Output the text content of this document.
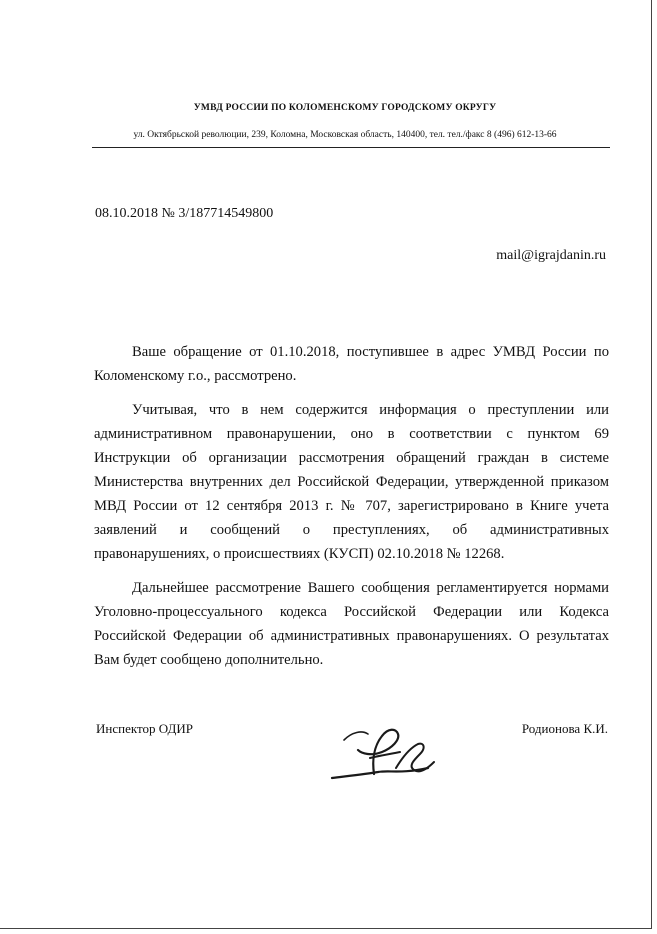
УМВД РОССИИ ПО КОЛОМЕНСКОМУ ГОРОДСКОМУ ОКРУГУ
ул. Октябрьской революции, 239, Коломна, Московская область, 140400, тел. тел./факс 8 (496) 612-13-66
08.10.2018 № 3/187714549800
mail@igrajdanin.ru

Ваше обращение от 01.10.2018, поступившее в адрес УМВД России по Коломенскому г.о., рассмотрено.

Учитывая, что в нем содержится информация о преступлении или административном правонарушении, оно в соответствии с пунктом 69 Инструкции об организации рассмотрения обращений граждан в системе Министерства внутренних дел Российской Федерации, утвержденной приказом МВД России от 12 сентября 2013 г. № 707, зарегистрировано в Книге учета заявлений и сообщений о преступлениях, об административных правонарушениях, о происшествиях (КУСП) 02.10.2018 № 12268.

Дальнейшее рассмотрение Вашего сообщения регламентируется нормами Уголовно-процессуального кодекса Российской Федерации или Кодекса Российской Федерации об административных правонарушениях. О результатах Вам будет сообщено дополнительно.

Инспектор ОДИР	Родионова К.И.
